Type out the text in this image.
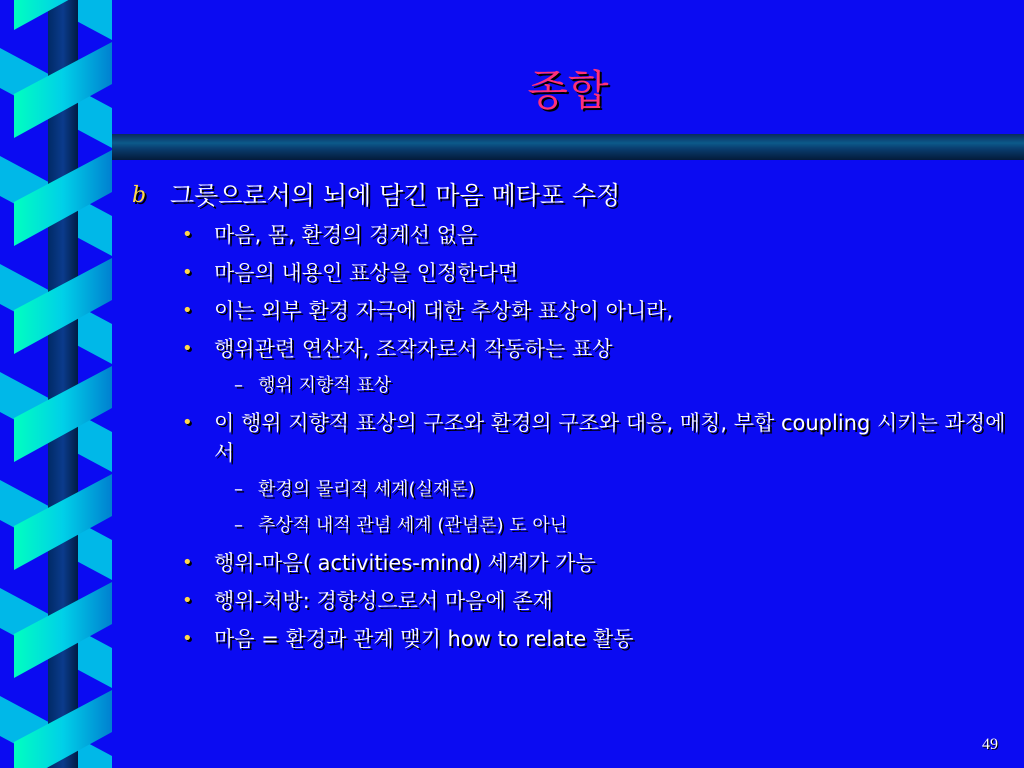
종합
b 그릇으로서의 뇌에 담긴 마음 메타포 수정
• 마음, 몸, 환경의 경계선 없음
• 마음의 내용인 표상을 인정한다면
• 이는 외부 환경 자극에 대한 추상화 표상이 아니라,
• 행위관련 연산자, 조작자로서 작동하는 표상
– 행위 지향적 표상
• 이 행위 지향적 표상의 구조와 환경의 구조와 대응, 매칭, 부합 coupling 시키는 과정에서
– 환경의 물리적 세계(실재론)
– 추상적 내적 관념 세계 (관념론) 도 아닌
• 행위-마음( activities-mind) 세계가 가능
• 행위-처방: 경향성으로서 마음에 존재
• 마음 = 환경과 관계 맺기 how to relate 활동
49
